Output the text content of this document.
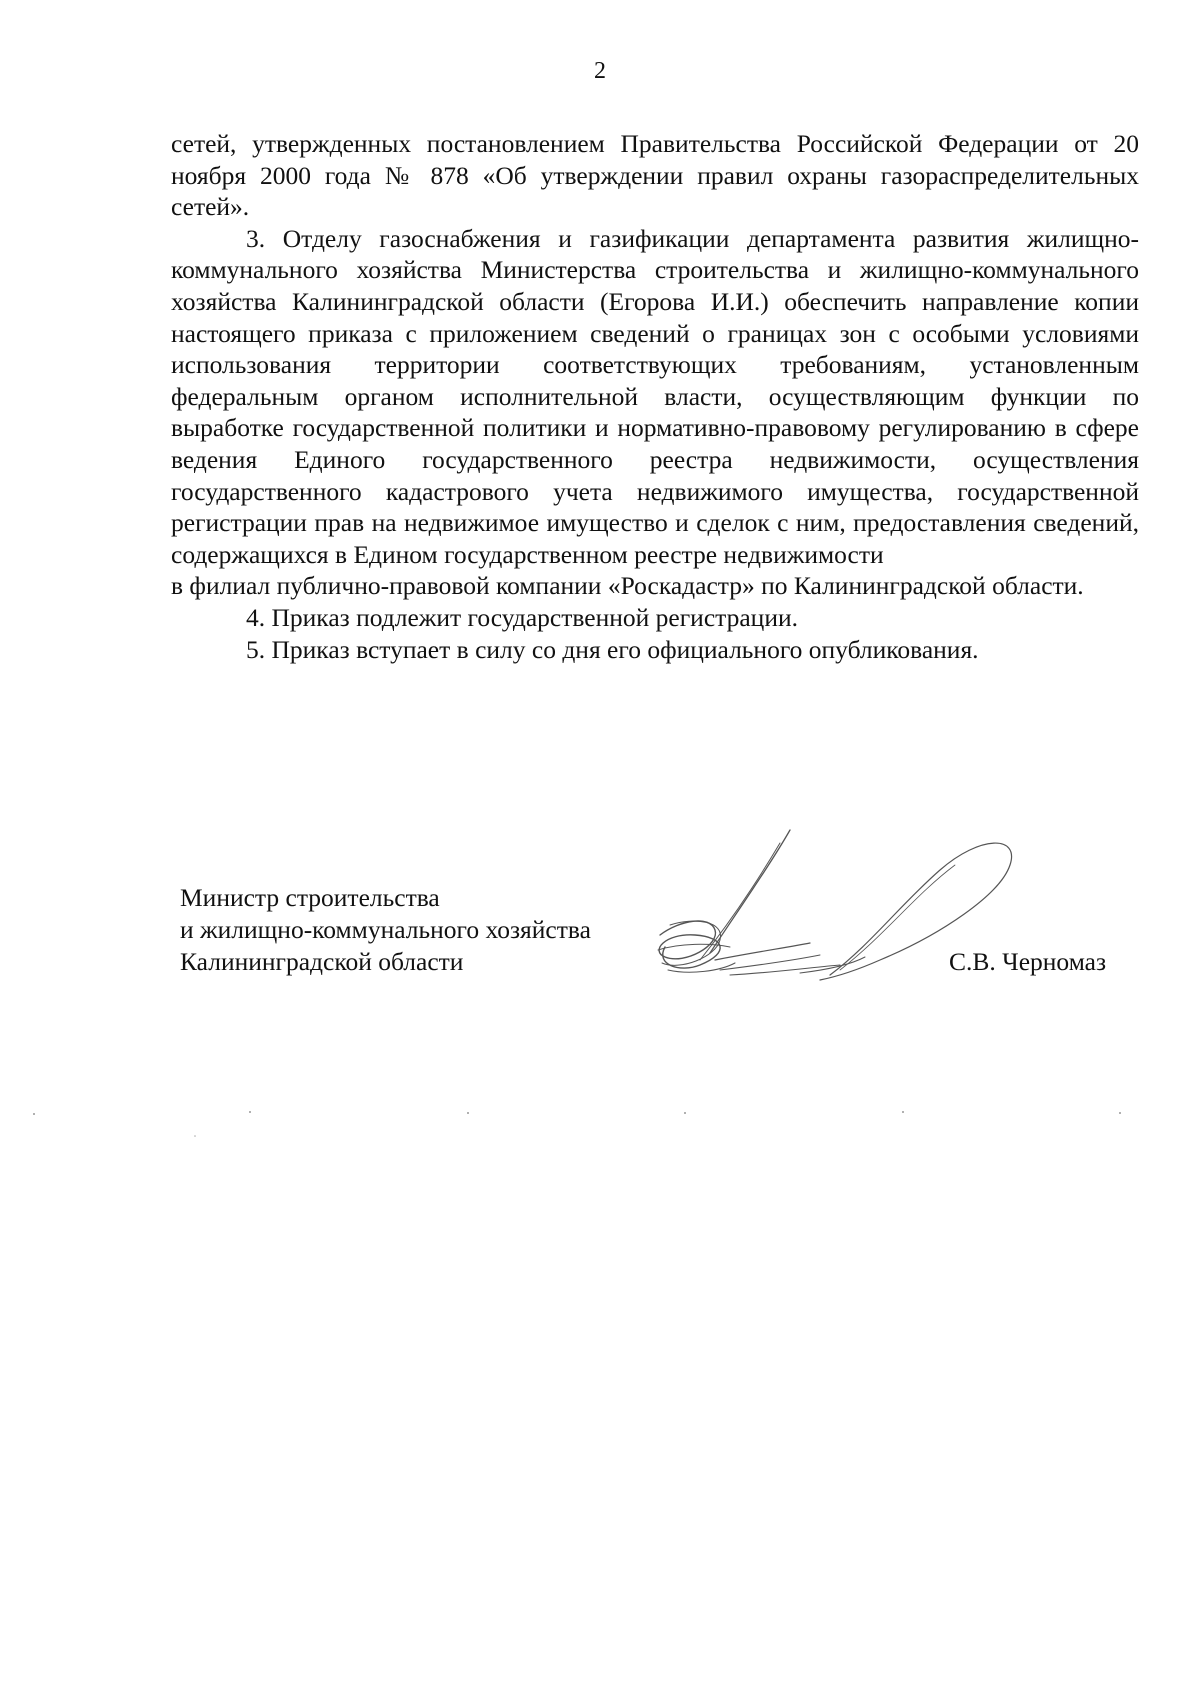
2

сетей, утвержденных постановлением Правительства Российской Федерации от 20 ноября 2000 года № 878 «Об утверждении правил охраны газораспределительных сетей».

3. Отделу газоснабжения и газификации департамента развития жилищно-коммунального хозяйства Министерства строительства и жилищно-коммунального хозяйства Калининградской области (Егорова И.И.) обеспечить направление копии настоящего приказа с приложением сведений о границах зон с особыми условиями использования территории соответствующих требованиям, установленным федеральным органом исполнительной власти, осуществляющим функции по выработке государственной политики и нормативно-правовому регулированию в сфере ведения Единого государственного реестра недвижимости, осуществления государственного кадастрового учета недвижимого имущества, государственной регистрации прав на недвижимое имущество и сделок с ним, предоставления сведений, содержащихся в Едином государственном реестре недвижимости

в филиал публично-правовой компании «Роскадастр» по Калининградской области.

4. Приказ подлежит государственной регистрации.

5. Приказ вступает в силу со дня его официального опубликования.

Министр строительства
и жилищно-коммунального хозяйства
Калининградской области	С.В. Черномаз
